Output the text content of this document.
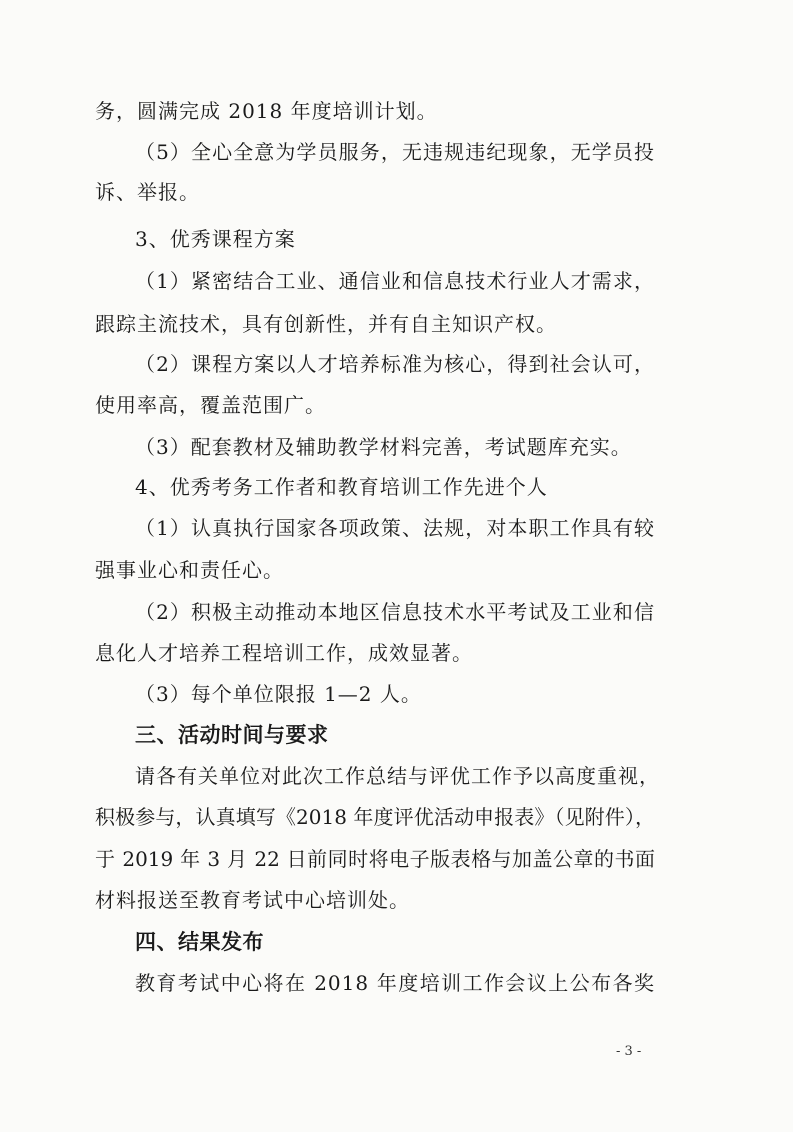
务，圆满完成 2018 年度培训计划。
（5）全心全意为学员服务，无违规违纪现象，无学员投
诉、举报。
3、优秀课程方案
（1）紧密结合工业、通信业和信息技术行业人才需求，
跟踪主流技术，具有创新性，并有自主知识产权。
（2）课程方案以人才培养标准为核心，得到社会认可，
使用率高，覆盖范围广。
（3）配套教材及辅助教学材料完善，考试题库充实。
4、优秀考务工作者和教育培训工作先进个人
（1）认真执行国家各项政策、法规，对本职工作具有较
强事业心和责任心。
（2）积极主动推动本地区信息技术水平考试及工业和信
息化人才培养工程培训工作，成效显著。
（3）每个单位限报 1—2 人。
三、活动时间与要求
请各有关单位对此次工作总结与评优工作予以高度重视，
积极参与，认真填写《2018 年度评优活动申报表》（见附件），
于 2019 年 3 月 22 日前同时将电子版表格与加盖公章的书面
材料报送至教育考试中心培训处。
四、结果发布
教育考试中心将在 2018 年度培训工作会议上公布各奖
- 3 -
